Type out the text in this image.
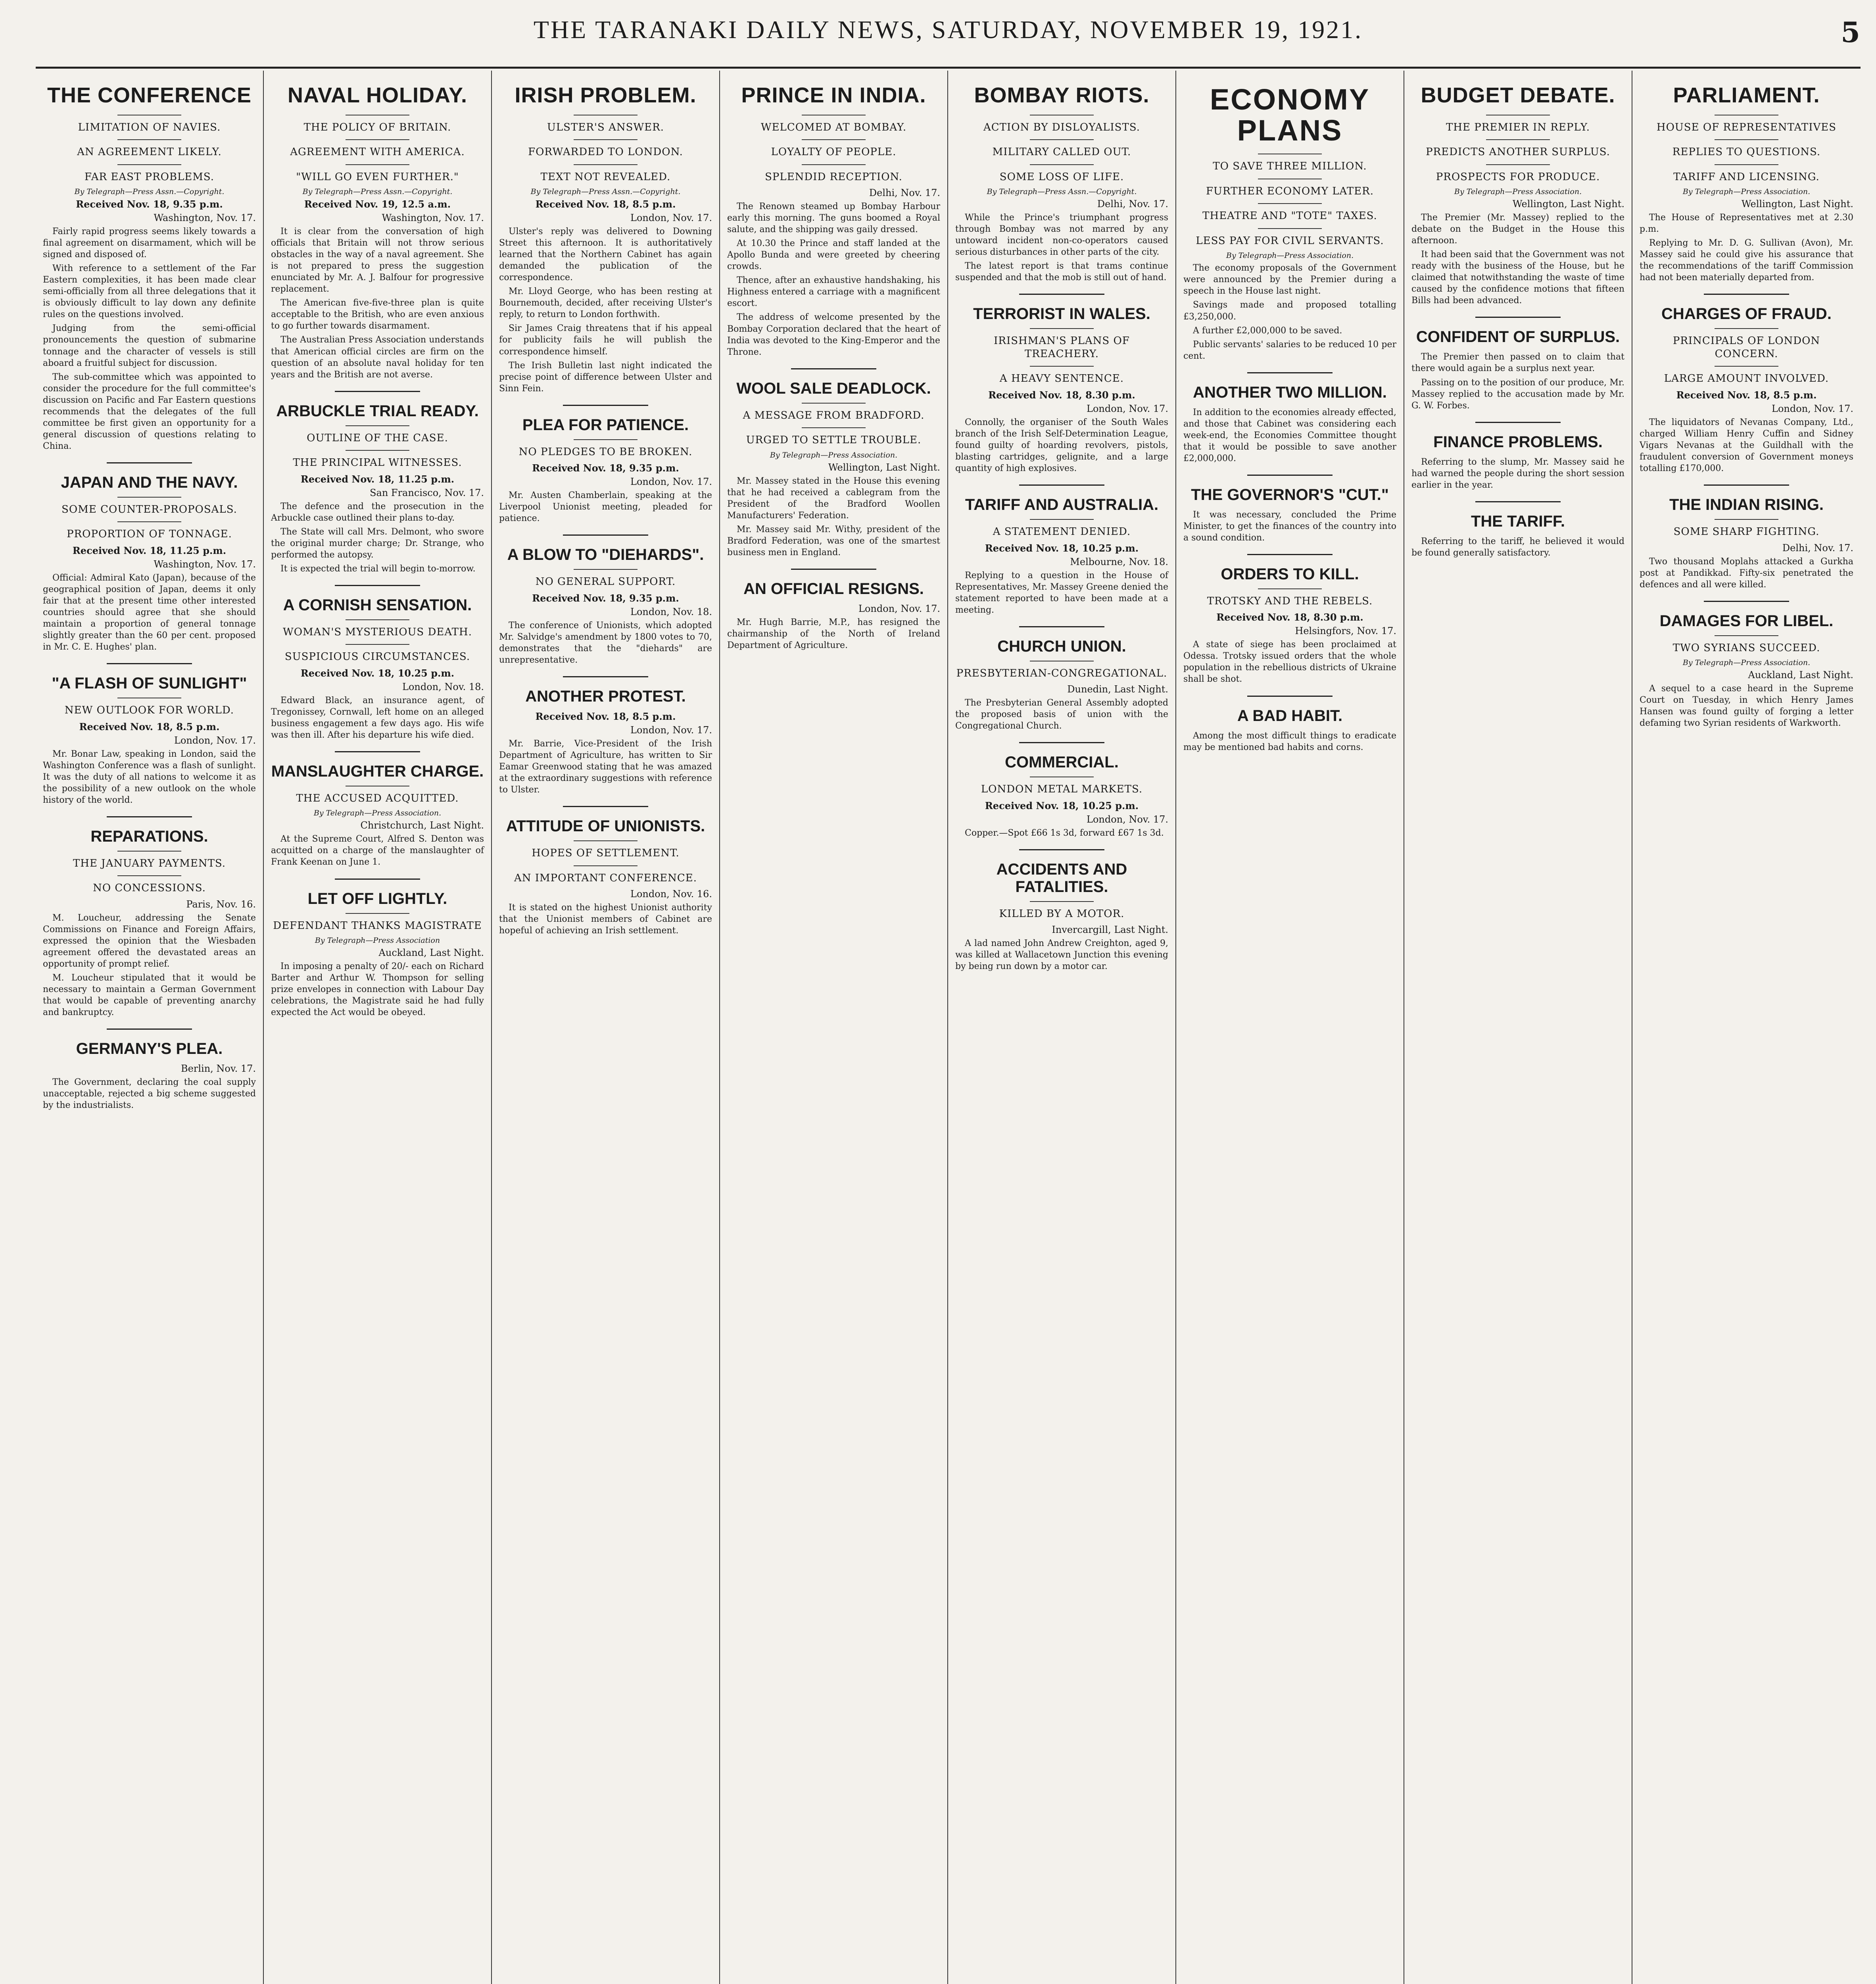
THE TARANAKI DAILY NEWS, SATURDAY, NOVEMBER 19, 1921.	5
THE CONFERENCE
LIMITATION OF NAVIES.
AN AGREEMENT LIKELY.
FAR EAST PROBLEMS.
By Telegraph—Press Assn.—Copyright.
Received Nov. 18, 9.35 p.m.
Washington, Nov. 17.

Fairly rapid progress seems likely towards a final agreement on disarmament, which will be signed and disposed of.

With reference to a settlement of the Far Eastern complexities, it has been made clear semi-officially from all three delegations that it is obviously difficult to lay down any definite rules on the questions involved.

Judging from the semi-official pronouncements the question of submarine tonnage and the character of vessels is still aboard a fruitful subject for discussion.

The sub-committee which was appointed to consider the procedure for the full committee's discussion on Pacific and Far Eastern questions recommends that the delegates of the full committee be first given an opportunity for a general discussion of questions relating to China.

JAPAN AND THE NAVY.
SOME COUNTER-PROPOSALS.
PROPORTION OF TONNAGE.
Received Nov. 18, 11.25 p.m.
Washington, Nov. 17.

Official: Admiral Kato (Japan), because of the geographical position of Japan, deems it only fair that at the present time other interested countries should agree that she should maintain a proportion of general tonnage slightly greater than the 60 per cent. proposed in Mr. C. E. Hughes' plan.

"A FLASH OF SUNLIGHT"
NEW OUTLOOK FOR WORLD.
Received Nov. 18, 8.5 p.m.
London, Nov. 17.

Mr. Bonar Law, speaking in London, said the Washington Conference was a flash of sunlight. It was the duty of all nations to welcome it as the possibility of a new outlook on the whole history of the world.

REPARATIONS.
THE JANUARY PAYMENTS.
NO CONCESSIONS.
Paris, Nov. 16.

M. Loucheur, addressing the Senate Commissions on Finance and Foreign Affairs, expressed the opinion that the Wiesbaden agreement offered the devastated areas an opportunity of prompt relief.

M. Loucheur stipulated that it would be necessary to maintain a German Government that would be capable of preventing anarchy and bankruptcy.

GERMANY'S PLEA.
Berlin, Nov. 17.

The Government, declaring the coal supply unacceptable, rejected a big scheme suggested by the industrialists.

NAVAL HOLIDAY.
THE POLICY OF BRITAIN.
AGREEMENT WITH AMERICA.
"WILL GO EVEN FURTHER."
By Telegraph—Press Assn.—Copyright.
Received Nov. 19, 12.5 a.m.
Washington, Nov. 17.

It is clear from the conversation of high officials that Britain will not throw serious obstacles in the way of a naval agreement. She is not prepared to press the suggestion enunciated by Mr. A. J. Balfour for progressive replacement.

The American five-five-three plan is quite acceptable to the British, who are even anxious to go further towards disarmament.

The Australian Press Association understands that American official circles are firm on the question of an absolute naval holiday for ten years and the British are not averse.

ARBUCKLE TRIAL READY.
OUTLINE OF THE CASE.
THE PRINCIPAL WITNESSES.
Received Nov. 18, 11.25 p.m.
San Francisco, Nov. 17.

The defence and the prosecution in the Arbuckle case outlined their plans to-day.

The State will call Mrs. Delmont, who swore the original murder charge; Dr. Strange, who performed the autopsy.

It is expected the trial will begin to-morrow.

A CORNISH SENSATION.
WOMAN'S MYSTERIOUS DEATH.
SUSPICIOUS CIRCUMSTANCES.
Received Nov. 18, 10.25 p.m.
London, Nov. 18.

Edward Black, an insurance agent, of Tregonissey, Cornwall, left home on an alleged business engagement a few days ago. His wife was then ill. After his departure his wife died.

MANSLAUGHTER CHARGE.
THE ACCUSED ACQUITTED.
By Telegraph—Press Association.
Christchurch, Last Night.

At the Supreme Court, Alfred S. Denton was acquitted on a charge of the manslaughter of Frank Keenan on June 1.

LET OFF LIGHTLY.
DEFENDANT THANKS MAGISTRATE
By Telegraph—Press Association
Auckland, Last Night.

In imposing a penalty of 20/- each on Richard Barter and Arthur W. Thompson for selling prize envelopes in connection with Labour Day celebrations, the Magistrate said he had fully expected the Act would be obeyed.

IRISH PROBLEM.
ULSTER'S ANSWER.
FORWARDED TO LONDON.
TEXT NOT REVEALED.
By Telegraph—Press Assn.—Copyright.
Received Nov. 18, 8.5 p.m.
London, Nov. 17.

Ulster's reply was delivered to Downing Street this afternoon. It is authoritatively learned that the Northern Cabinet has again demanded the publication of the correspondence.

Mr. Lloyd George, who has been resting at Bournemouth, decided, after receiving Ulster's reply, to return to London forthwith.

Sir James Craig threatens that if his appeal for publicity fails he will publish the correspondence himself.

The Irish Bulletin last night indicated the precise point of difference between Ulster and Sinn Fein.

PLEA FOR PATIENCE.
NO PLEDGES TO BE BROKEN.
Received Nov. 18, 9.35 p.m.
London, Nov. 17.

Mr. Austen Chamberlain, speaking at the Liverpool Unionist meeting, pleaded for patience.

A BLOW TO "DIEHARDS".
NO GENERAL SUPPORT.
Received Nov. 18, 9.35 p.m.
London, Nov. 18.

The conference of Unionists, which adopted Mr. Salvidge's amendment by 1800 votes to 70, demonstrates that the "diehards" are unrepresentative.

ANOTHER PROTEST.
Received Nov. 18, 8.5 p.m.
London, Nov. 17.

Mr. Barrie, Vice-President of the Irish Department of Agriculture, has written to Sir Eamar Greenwood stating that he was amazed at the extraordinary suggestions with reference to Ulster.

ATTITUDE OF UNIONISTS.
HOPES OF SETTLEMENT.
AN IMPORTANT CONFERENCE.
London, Nov. 16.

It is stated on the highest Unionist authority that the Unionist members of Cabinet are hopeful of achieving an Irish settlement.

PRINCE IN INDIA.
WELCOMED AT BOMBAY.
LOYALTY OF PEOPLE.
SPLENDID RECEPTION.
Delhi, Nov. 17.

The Renown steamed up Bombay Harbour early this morning. The guns boomed a Royal salute, and the shipping was gaily dressed.

At 10.30 the Prince and staff landed at the Apollo Bunda and were greeted by cheering crowds.

Thence, after an exhaustive handshaking, his Highness entered a carriage with a magnificent escort.

The address of welcome presented by the Bombay Corporation declared that the heart of India was devoted to the King-Emperor and the Throne.

WOOL SALE DEADLOCK.
A MESSAGE FROM BRADFORD.
URGED TO SETTLE TROUBLE.
By Telegraph—Press Association.
Wellington, Last Night.

Mr. Massey stated in the House this evening that he had received a cablegram from the President of the Bradford Woollen Manufacturers' Federation.

Mr. Massey said Mr. Withy, president of the Bradford Federation, was one of the smartest business men in England.

AN OFFICIAL RESIGNS.
London, Nov. 17.

Mr. Hugh Barrie, M.P., has resigned the chairmanship of the North of Ireland Department of Agriculture.

BOMBAY RIOTS.
ACTION BY DISLOYALISTS.
MILITARY CALLED OUT.
SOME LOSS OF LIFE.
By Telegraph—Press Assn.—Copyright.
Delhi, Nov. 17.

While the Prince's triumphant progress through Bombay was not marred by any untoward incident non-co-operators caused serious disturbances in other parts of the city.

The latest report is that trams continue suspended and that the mob is still out of hand.

TERRORIST IN WALES.
IRISHMAN'S PLANS OF TREACHERY.
A HEAVY SENTENCE.
Received Nov. 18, 8.30 p.m.
London, Nov. 17.

Connolly, the organiser of the South Wales branch of the Irish Self-Determination League, found guilty of hoarding revolvers, pistols, blasting cartridges, gelignite, and a large quantity of high explosives.

TARIFF AND AUSTRALIA.
A STATEMENT DENIED.
Received Nov. 18, 10.25 p.m.
Melbourne, Nov. 18.

Replying to a question in the House of Representatives, Mr. Massey Greene denied the statement reported to have been made at a meeting.

CHURCH UNION.
PRESBYTERIAN-CONGREGATIONAL.
Dunedin, Last Night.

The Presbyterian General Assembly adopted the proposed basis of union with the Congregational Church.

COMMERCIAL.
LONDON METAL MARKETS.
Received Nov. 18, 10.25 p.m.
London, Nov. 17.

Copper.—Spot £66 1s 3d, forward £67 1s 3d.

ACCIDENTS AND FATALITIES.
KILLED BY A MOTOR.
Invercargill, Last Night.

A lad named John Andrew Creighton, aged 9, was killed at Wallacetown Junction this evening by being run down by a motor car.

ECONOMY PLANS
TO SAVE THREE MILLION.
FURTHER ECONOMY LATER.
THEATRE AND "TOTE" TAXES.
LESS PAY FOR CIVIL SERVANTS.
By Telegraph—Press Association.

The economy proposals of the Government were announced by the Premier during a speech in the House last night.

Savings made and proposed totalling £3,250,000.

A further £2,000,000 to be saved.

Public servants' salaries to be reduced 10 per cent.

ANOTHER TWO MILLION.

In addition to the economies already effected, and those that Cabinet was considering each week-end, the Economies Committee thought that it would be possible to save another £2,000,000.

THE GOVERNOR'S "CUT."

It was necessary, concluded the Prime Minister, to get the finances of the country into a sound condition.

ORDERS TO KILL.
TROTSKY AND THE REBELS.
Received Nov. 18, 8.30 p.m.
Helsingfors, Nov. 17.

A state of siege has been proclaimed at Odessa. Trotsky issued orders that the whole population in the rebellious districts of Ukraine shall be shot.

A BAD HABIT.

Among the most difficult things to eradicate may be mentioned bad habits and corns.

BUDGET DEBATE.
THE PREMIER IN REPLY.
PREDICTS ANOTHER SURPLUS.
PROSPECTS FOR PRODUCE.
By Telegraph—Press Association.
Wellington, Last Night.

The Premier (Mr. Massey) replied to the debate on the Budget in the House this afternoon.

It had been said that the Government was not ready with the business of the House, but he claimed that notwithstanding the waste of time caused by the confidence motions that fifteen Bills had been advanced.

CONFIDENT OF SURPLUS.

The Premier then passed on to claim that there would again be a surplus next year.

Passing on to the position of our produce, Mr. Massey replied to the accusation made by Mr. G. W. Forbes.

FINANCE PROBLEMS.

Referring to the slump, Mr. Massey said he had warned the people during the short session earlier in the year.

THE TARIFF.

Referring to the tariff, he believed it would be found generally satisfactory.

PARLIAMENT.
HOUSE OF REPRESENTATIVES
REPLIES TO QUESTIONS.
TARIFF AND LICENSING.
By Telegraph—Press Association.
Wellington, Last Night.

The House of Representatives met at 2.30 p.m.

Replying to Mr. D. G. Sullivan (Avon), Mr. Massey said he could give his assurance that the recommendations of the tariff Commission had not been materially departed from.

CHARGES OF FRAUD.
PRINCIPALS OF LONDON CONCERN.
LARGE AMOUNT INVOLVED.
Received Nov. 18, 8.5 p.m.
London, Nov. 17.

The liquidators of Nevanas Company, Ltd., charged William Henry Cuffin and Sidney Vigars Nevanas at the Guildhall with the fraudulent conversion of Government moneys totalling £170,000.

THE INDIAN RISING.
SOME SHARP FIGHTING.
Delhi, Nov. 17.

Two thousand Moplahs attacked a Gurkha post at Pandikkad. Fifty-six penetrated the defences and all were killed.

DAMAGES FOR LIBEL.
TWO SYRIANS SUCCEED.
By Telegraph—Press Association.
Auckland, Last Night.

A sequel to a case heard in the Supreme Court on Tuesday, in which Henry James Hansen was found guilty of forging a letter defaming two Syrian residents of Warkworth.
